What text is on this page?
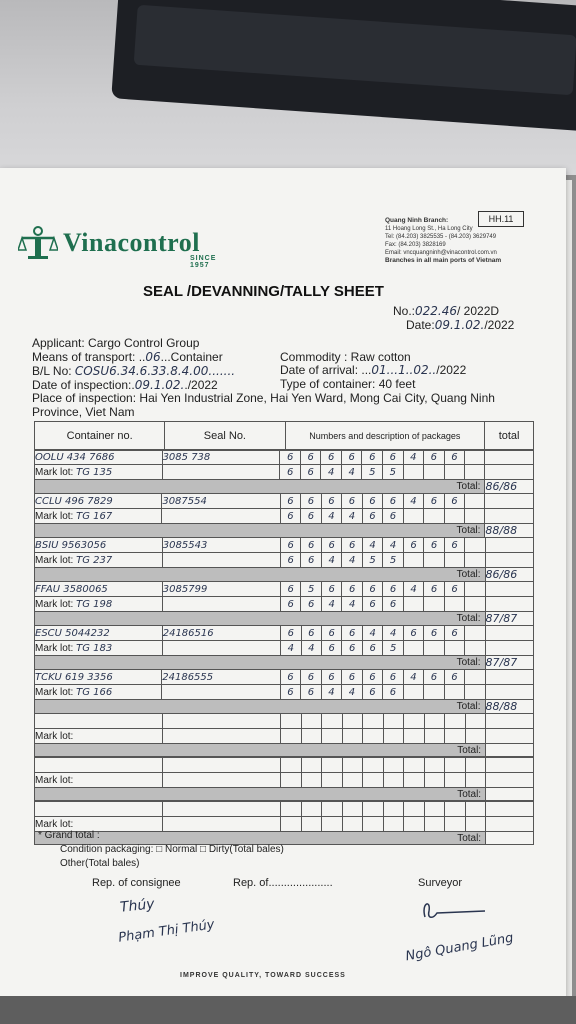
Vinacontrol
SINCE 1957
HH.11
Quang Ninh Branch:
11 Hoang Long St., Ha Long City
Tel: (84.203) 3825535 - (84.203) 3629749
Fax: (84.203) 3828169
Email: vncquangninh@vinacontrol.com.vn
Branches in all main ports of Vietnam
SEAL /DEVANNING/TALLY SHEET
No.:022.46/ 2022D
Date:09.1.02./2022
Applicant: Cargo Control Group
Means of transport: ..06...Container
B/L No: COSU6.34.6.33.8.4.00.......
Date of inspection:.09.1.02../2022
Commodity : Raw cotton
Date of arrival: ...01...1..02../2022
Type of container: 40 feet
Place of inspection: Hai Yen Industrial Zone, Hai Yen Ward, Mong Cai City, Quang Ninh
Province, Viet Nam
Container no.	Seal No.	Numbers and description of packages	total
OOLU 434 7686	3085 738	6	6	6	6	6	6	4	6	6		
Mark lot: TG 135		6	6	4	4	5	5					
Total:												86/86
CCLU 496 7829	3087554	6	6	6	6	6	6	4	6	6		
Mark lot: TG 167		6	6	4	4	6	6					
Total:												88/88
BSIU 9563056	3085543	6	6	6	6	4	4	6	6	6		
Mark lot: TG 237		6	6	4	4	5	5					
Total:												86/86
FFAU 3580065	3085799	6	5	6	6	6	6	4	6	6		
Mark lot: TG 198		6	6	4	4	6	6					
Total:												87/87
ESCU 5044232	24186516	6	6	6	6	4	4	6	6	6		
Mark lot: TG 183		4	4	6	6	6	5					
Total:												87/87
TCKU 619 3356	24186555	6	6	6	6	6	6	4	6	6		
Mark lot: TG 166		6	6	4	4	6	6					
Total:												88/88

Mark lot:												
Total:												

Mark lot:												
Total:												

Mark lot:												
Total:												
* Grand total :
Condition packaging: □ Normal □ Dirty(Total bales)
Other(Total bales)
Rep. of consignee	Rep. of.....................	Surveyor
Thúy
Phạm Thị Thúy	Ngô Quang Lũng
IMPROVE QUALITY, TOWARD SUCCESS
